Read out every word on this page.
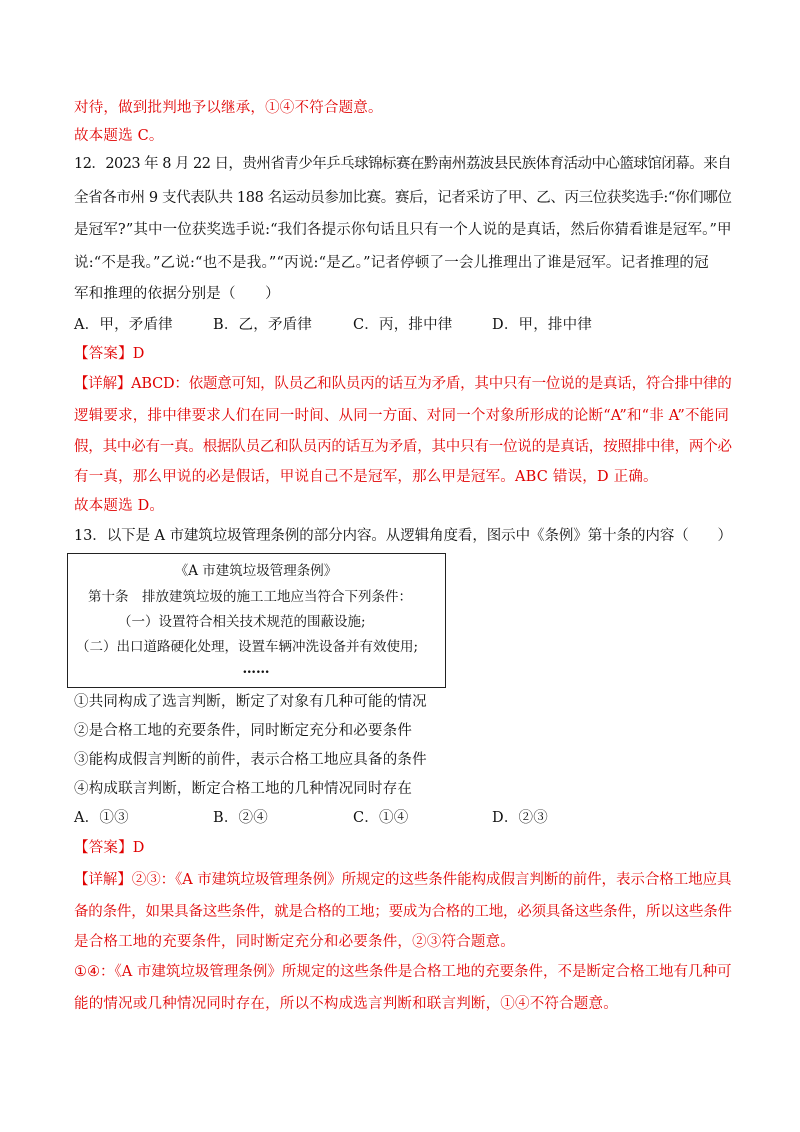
对待，做到批判地予以继承，①④不符合题意。
故本题选 C。
12．2023 年 8 月 22 日，贵州省青少年乒乓球锦标赛在黔南州荔波县民族体育活动中心篮球馆闭幕。来自
全省各市州 9 支代表队共 188 名运动员参加比赛。赛后，记者采访了甲、乙、丙三位获奖选手:“你们哪位
是冠军?”其中一位获奖选手说:“我们各提示你句话且只有一个人说的是真话，然后你猜看谁是冠军。”甲
说:“不是我。”乙说:“也不是我。”“丙说:“是乙。”记者停顿了一会儿推理出了谁是冠军。记者推理的冠
军和推理的依据分别是（　　）
A．甲，矛盾律	B．乙，矛盾律	C．丙，排中律	D．甲，排中律
【答案】D
【详解】ABCD：依题意可知，队员乙和队员丙的话互为矛盾，其中只有一位说的是真话，符合排中律的
逻辑要求，排中律要求人们在同一时间、从同一方面、对同一个对象所形成的论断“A”和“非 A”不能同
假，其中必有一真。根据队员乙和队员丙的话互为矛盾，其中只有一位说的是真话，按照排中律，两个必
有一真，那么甲说的必是假话，甲说自己不是冠军，那么甲是冠军。ABC 错误，D 正确。
故本题选 D。
13．以下是 A 市建筑垃圾管理条例的部分内容。从逻辑角度看，图示中《条例》第十条的内容（　　）
《A 市建筑垃圾管理条例》
第十条　排放建筑垃圾的施工工地应当符合下列条件：
（一）设置符合相关技术规范的围蔽设施;
（二）出口道路硬化处理，设置车辆冲洗设备并有效使用;
……
①共同构成了选言判断，断定了对象有几种可能的情况
②是合格工地的充要条件，同时断定充分和必要条件
③能构成假言判断的前件，表示合格工地应具备的条件
④构成联言判断，断定合格工地的几种情况同时存在
A．①③	B．②④	C．①④	D．②③
【答案】D
【详解】②③：《A 市建筑垃圾管理条例》所规定的这些条件能构成假言判断的前件，表示合格工地应具
备的条件，如果具备这些条件，就是合格的工地；要成为合格的工地，必须具备这些条件，所以这些条件
是合格工地的充要条件，同时断定充分和必要条件，②③符合题意。
①④：《A 市建筑垃圾管理条例》所规定的这些条件是合格工地的充要条件，不是断定合格工地有几种可
能的情况或几种情况同时存在，所以不构成选言判断和联言判断，①④不符合题意。
